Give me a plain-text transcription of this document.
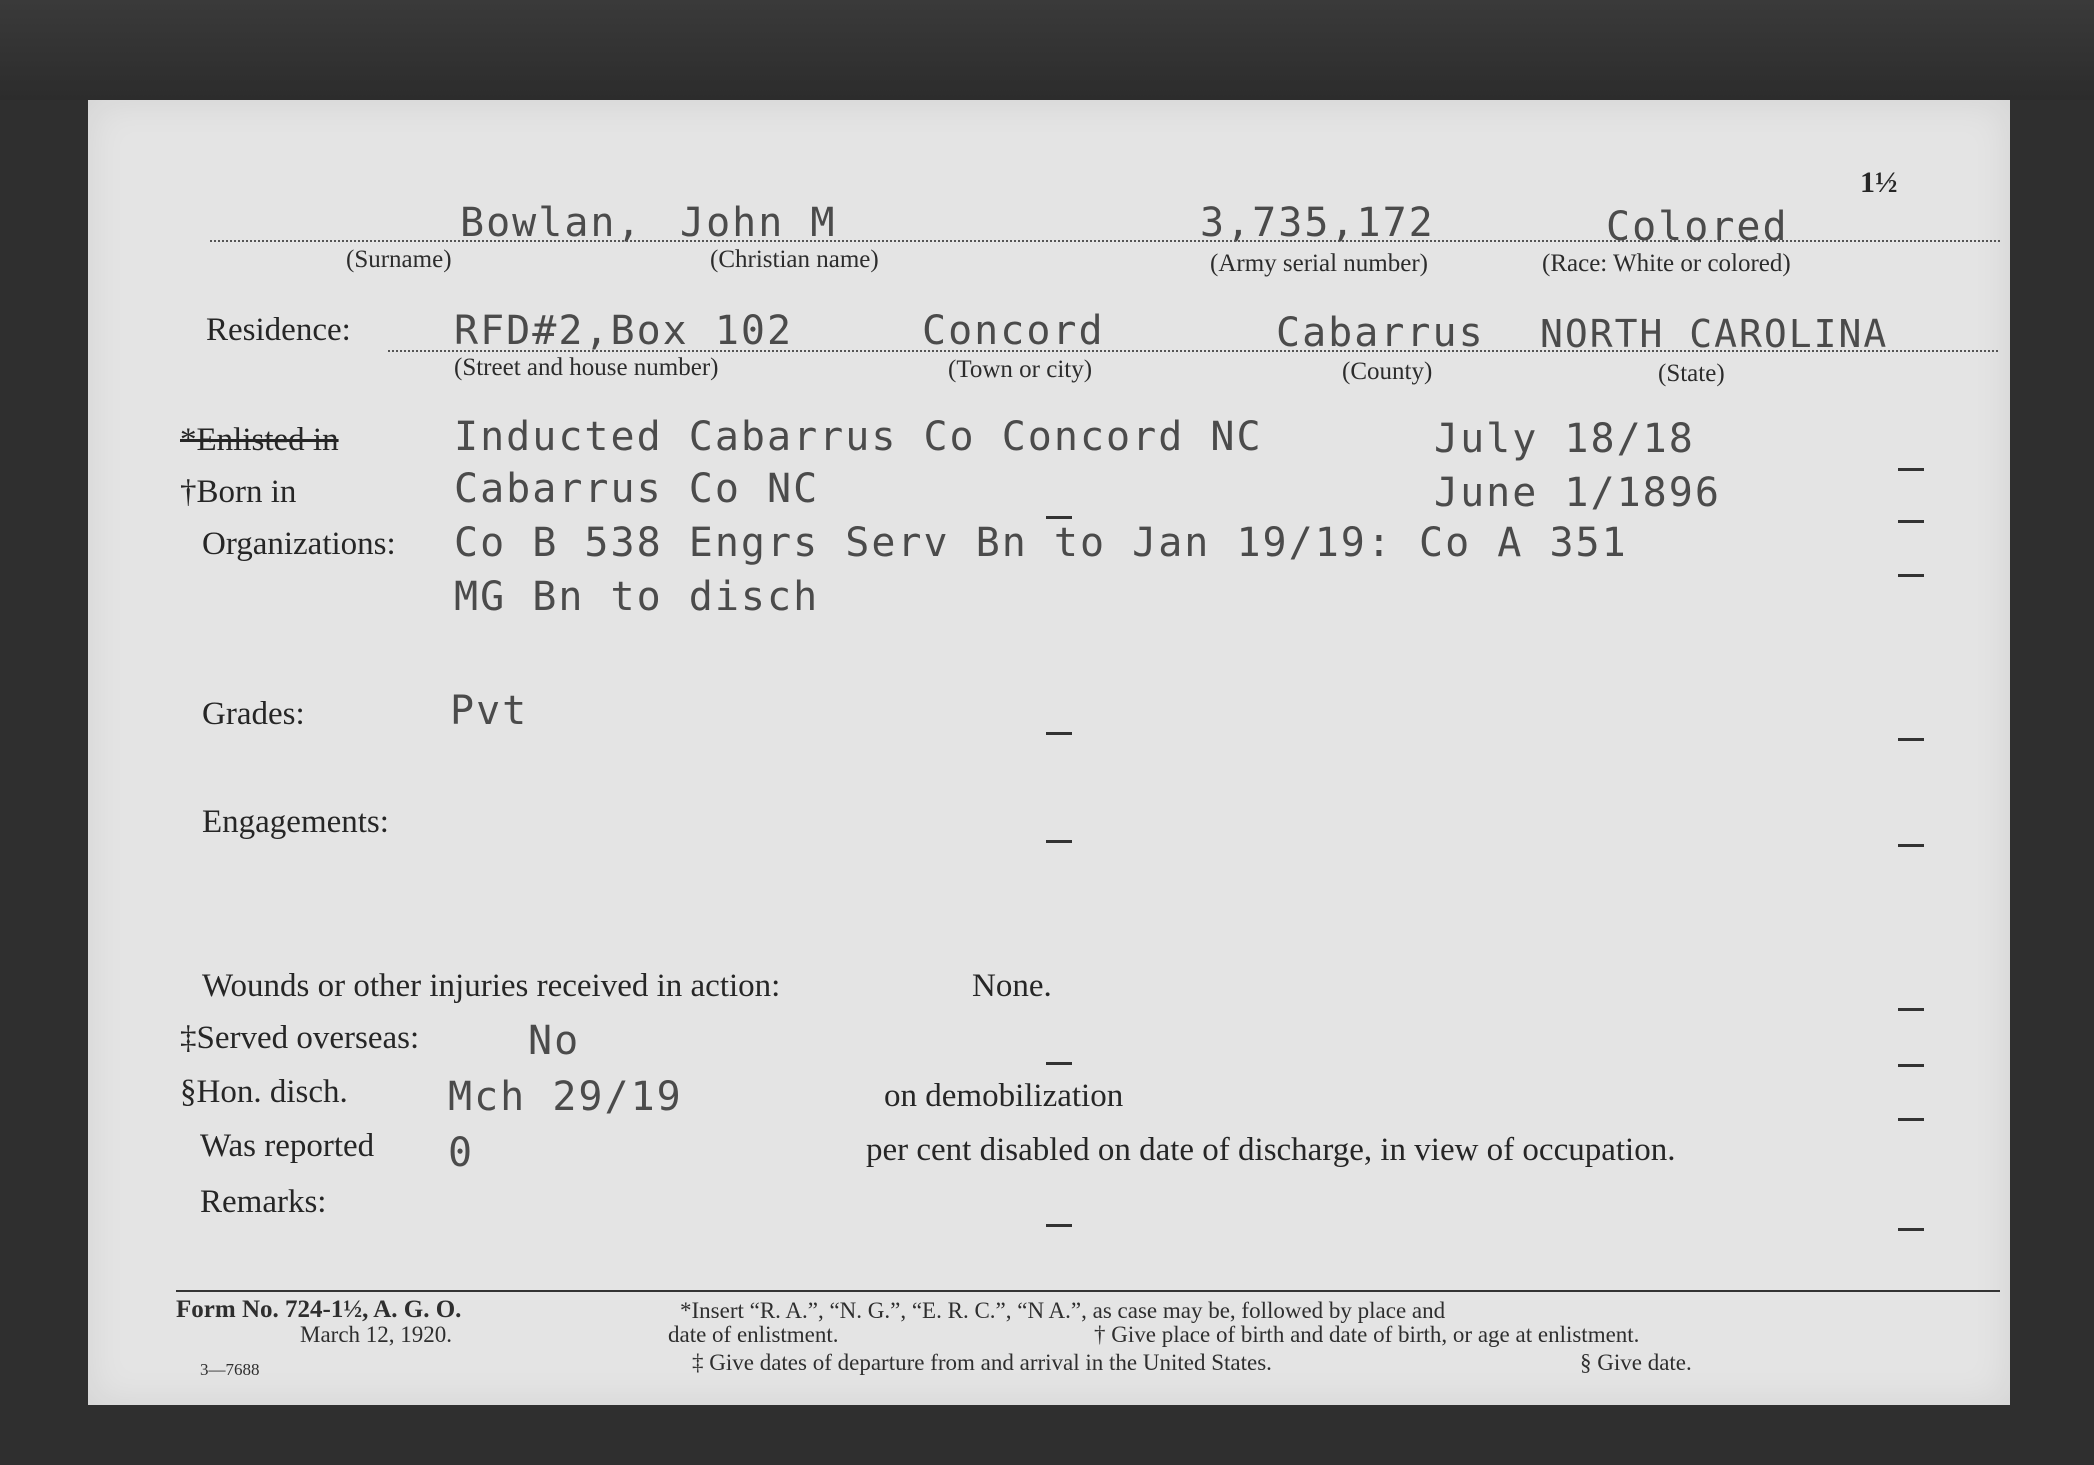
1½
Bowlan, John M	3,735,172	Colored
(Surname)	(Christian name)	(Army serial number)	(Race: White or colored)
Residence:	RFD#2,Box 102	Concord	Cabarrus NORTH CAROLINA
(Street and house number)	(Town or city)	(County)	(State)
*Enlisted in	Inducted Cabarrus Co Concord NC	July 18/18
†Born in	Cabarrus Co NC	June 1/1896
Organizations: Co B 538 Engrs Serv Bn to Jan 19/19: Co A 351
MG Bn to disch
Grades:	Pvt
Engagements:
Wounds or other injuries received in action:	None.
‡Served overseas:	No
§Hon. disch.	Mch 29/19	on demobilization
Was reported 0	per cent disabled on date of discharge, in view of occupation.
Remarks:
Form No. 724-1½, A. G. O.
March 12, 1920.
3—7688
*Insert “R. A.”, “N. G.”, “E. R. C.”, “N A.”, as case may be, followed by place and
date of enlistment.	† Give place of birth and date of birth, or age at enlistment.
‡ Give dates of departure from and arrival in the United States.	§ Give date.
